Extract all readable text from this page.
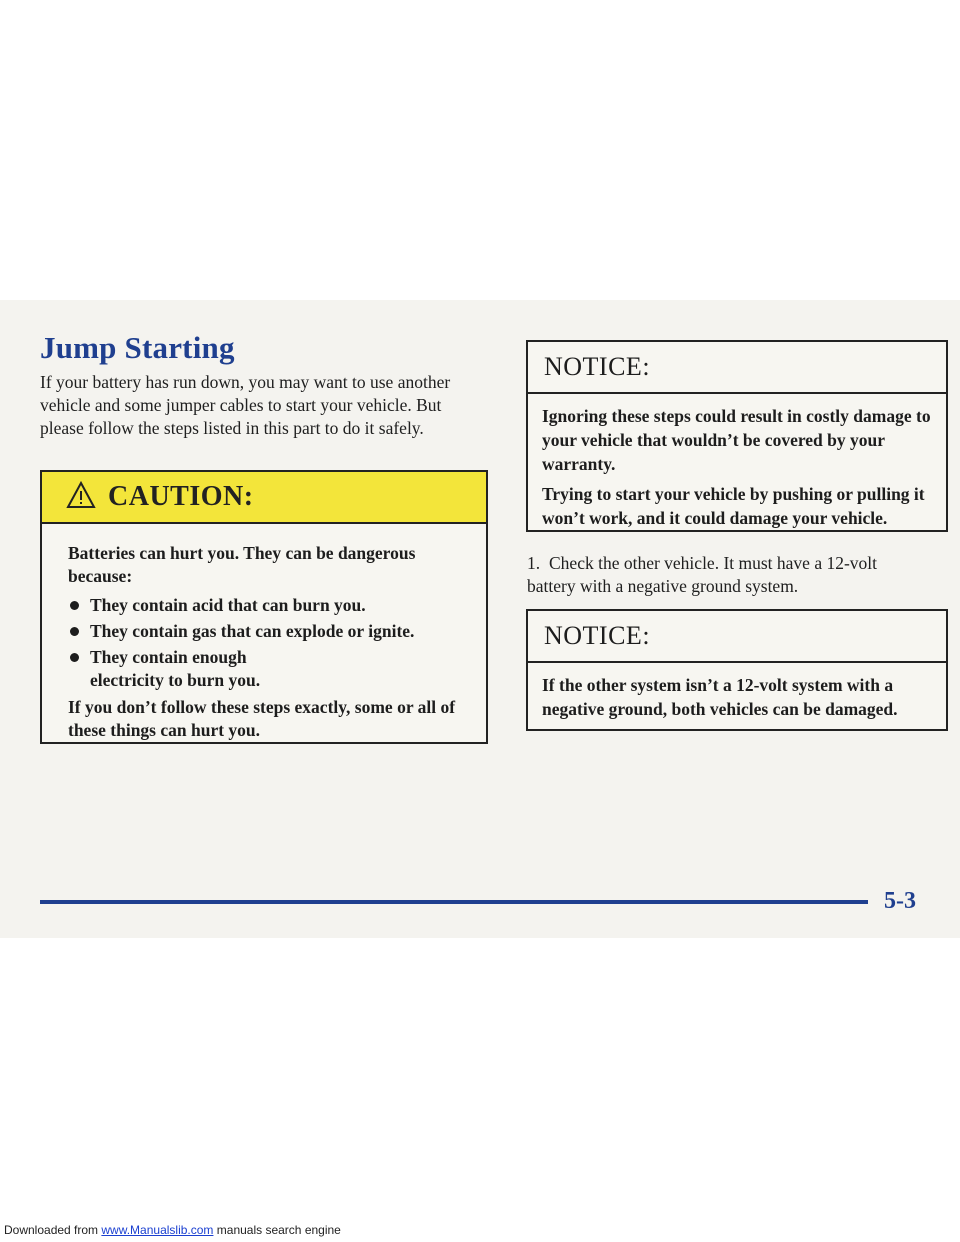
Jump Starting

If your battery has run down, you may want to use another vehicle and some jumper cables to start your vehicle. But please follow the steps listed in this part to do it safely.

CAUTION:

Batteries can hurt you. They can be dangerous because:

They contain acid that can burn you.
They contain gas that can explode or ignite.
They contain enough electricity to burn you.

If you don’t follow these steps exactly, some or all of these things can hurt you.

NOTICE:

Ignoring these steps could result in costly damage to your vehicle that wouldn’t be covered by your warranty.

Trying to start your vehicle by pushing or pulling it won’t work, and it could damage your vehicle.

1. Check the other vehicle. It must have a 12-volt battery with a negative ground system.

NOTICE:

If the other system isn’t a 12-volt system with a negative ground, both vehicles can be damaged.

5-3
Downloaded from www.Manualslib.com manuals search engine
